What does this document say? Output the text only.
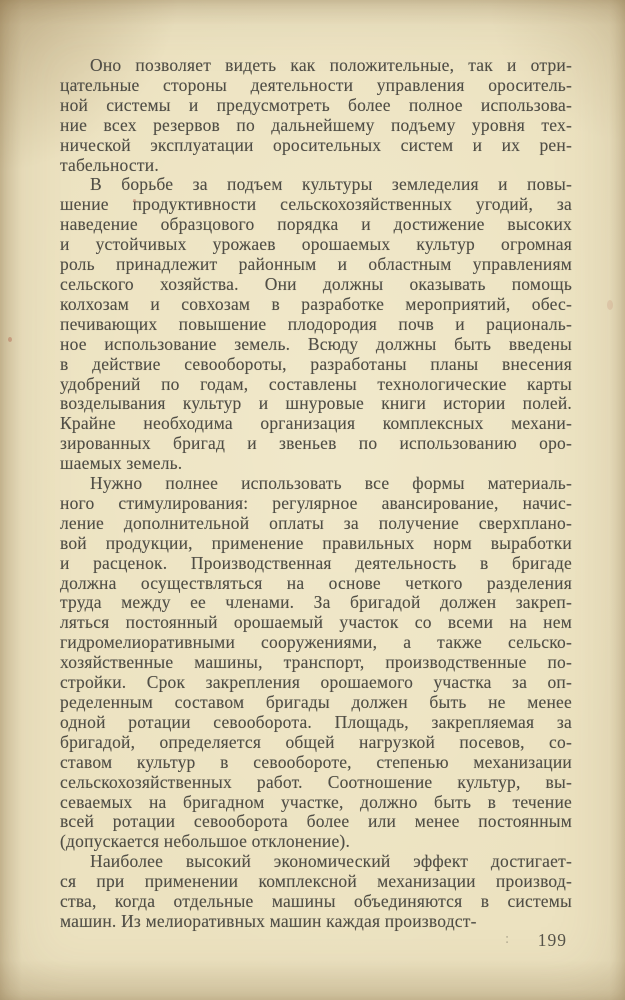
Оно позволяет видеть как положительные, так и отри-
цательные стороны деятельности управления ороситель-
ной системы и предусмотреть более полное использова-
ние всех резервов по дальнейшему подъему уровня тех-
нической эксплуатации оросительных систем и их рен-
табельности.
В борьбе за подъем культуры земледелия и повы-
шение продуктивности сельскохозяйственных угодий, за
наведение образцового порядка и достижение высоких
и устойчивых урожаев орошаемых культур огромная
роль принадлежит районным и областным управлениям
сельского хозяйства. Они должны оказывать помощь
колхозам и совхозам в разработке мероприятий, обес-
печивающих повышение плодородия почв и рациональ-
ное использование земель. Всюду должны быть введены
в действие севообороты, разработаны планы внесения
удобрений по годам, составлены технологические карты
возделывания культур и шнуровые книги истории полей.
Крайне необходима организация комплексных механи-
зированных бригад и звеньев по использованию оро-
шаемых земель.
Нужно полнее использовать все формы материаль-
ного стимулирования: регулярное авансирование, начис-
ление дополнительной оплаты за получение сверхплано-
вой продукции, применение правильных норм выработки
и расценок. Производственная деятельность в бригаде
должна осуществляться на основе четкого разделения
труда между ее членами. За бригадой должен закреп-
ляться постоянный орошаемый участок со всеми на нем
гидромелиоративными сооружениями, а также сельско-
хозяйственные машины, транспорт, производственные по-
стройки. Срок закрепления орошаемого участка за оп-
ределенным составом бригады должен быть не менее
одной ротации севооборота. Площадь, закрепляемая за
бригадой, определяется общей нагрузкой посевов, со-
ставом культур в севообороте, степенью механизации
сельскохозяйственных работ. Соотношение культур, вы-
севаемых на бригадном участке, должно быть в течение
всей ротации севооборота более или менее постоянным
(допускается небольшое отклонение).
Наиболее высокий экономический эффект достигает-
ся при применении комплексной механизации производ-
ства, когда отдельные машины объединяются в системы
машин. Из мелиоративных машин каждая производст-
: 199
